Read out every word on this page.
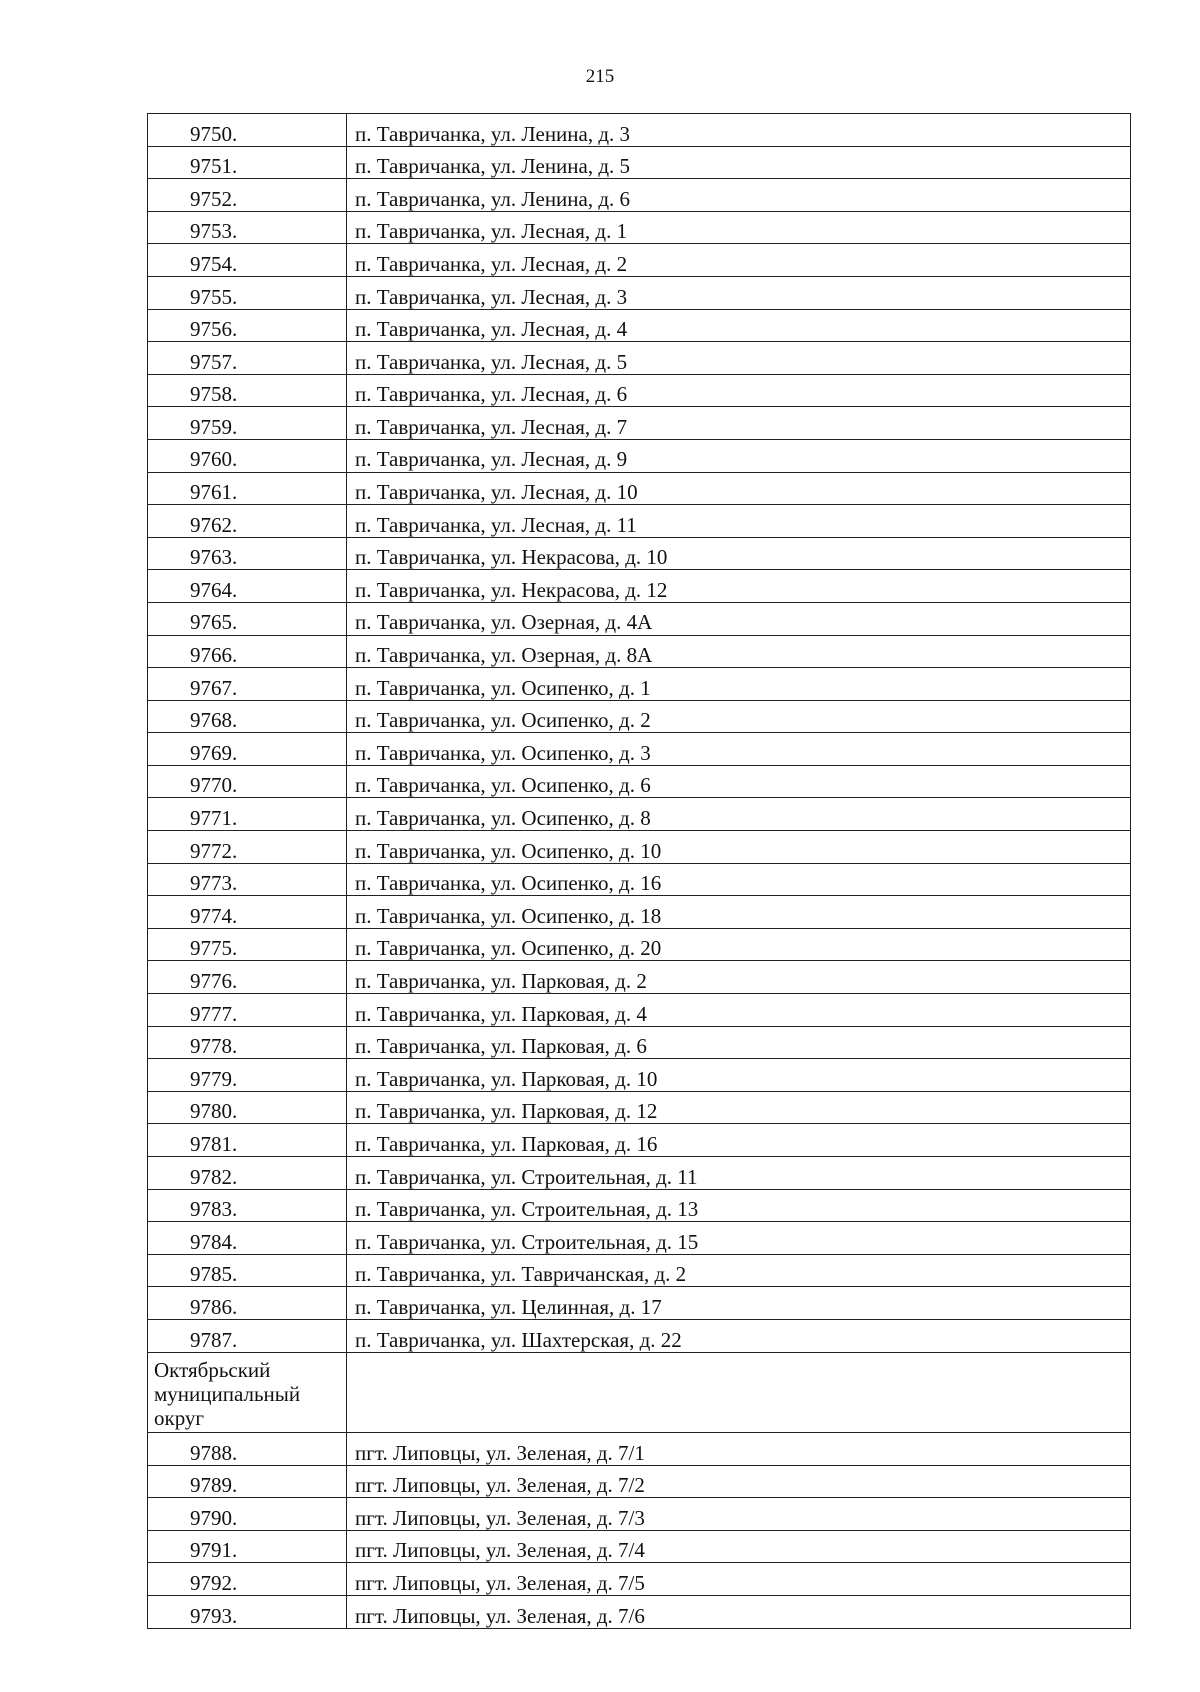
215
9750.	п. Тавричанка, ул. Ленина, д. 3
9751.	п. Тавричанка, ул. Ленина, д. 5
9752.	п. Тавричанка, ул. Ленина, д. 6
9753.	п. Тавричанка, ул. Лесная, д. 1
9754.	п. Тавричанка, ул. Лесная, д. 2
9755.	п. Тавричанка, ул. Лесная, д. 3
9756.	п. Тавричанка, ул. Лесная, д. 4
9757.	п. Тавричанка, ул. Лесная, д. 5
9758.	п. Тавричанка, ул. Лесная, д. 6
9759.	п. Тавричанка, ул. Лесная, д. 7
9760.	п. Тавричанка, ул. Лесная, д. 9
9761.	п. Тавричанка, ул. Лесная, д. 10
9762.	п. Тавричанка, ул. Лесная, д. 11
9763.	п. Тавричанка, ул. Некрасова, д. 10
9764.	п. Тавричанка, ул. Некрасова, д. 12
9765.	п. Тавричанка, ул. Озерная, д. 4А
9766.	п. Тавричанка, ул. Озерная, д. 8А
9767.	п. Тавричанка, ул. Осипенко, д. 1
9768.	п. Тавричанка, ул. Осипенко, д. 2
9769.	п. Тавричанка, ул. Осипенко, д. 3
9770.	п. Тавричанка, ул. Осипенко, д. 6
9771.	п. Тавричанка, ул. Осипенко, д. 8
9772.	п. Тавричанка, ул. Осипенко, д. 10
9773.	п. Тавричанка, ул. Осипенко, д. 16
9774.	п. Тавричанка, ул. Осипенко, д. 18
9775.	п. Тавричанка, ул. Осипенко, д. 20
9776.	п. Тавричанка, ул. Парковая, д. 2
9777.	п. Тавричанка, ул. Парковая, д. 4
9778.	п. Тавричанка, ул. Парковая, д. 6
9779.	п. Тавричанка, ул. Парковая, д. 10
9780.	п. Тавричанка, ул. Парковая, д. 12
9781.	п. Тавричанка, ул. Парковая, д. 16
9782.	п. Тавричанка, ул. Строительная, д. 11
9783.	п. Тавричанка, ул. Строительная, д. 13
9784.	п. Тавричанка, ул. Строительная, д. 15
9785.	п. Тавричанка, ул. Тавричанская, д. 2
9786.	п. Тавричанка, ул. Целинная, д. 17
9787.	п. Тавричанка, ул. Шахтерская, д. 22
Октябрьский муниципальный округ	
9788.	пгт. Липовцы, ул. Зеленая, д. 7/1
9789.	пгт. Липовцы, ул. Зеленая, д. 7/2
9790.	пгт. Липовцы, ул. Зеленая, д. 7/3
9791.	пгт. Липовцы, ул. Зеленая, д. 7/4
9792.	пгт. Липовцы, ул. Зеленая, д. 7/5
9793.	пгт. Липовцы, ул. Зеленая, д. 7/6
